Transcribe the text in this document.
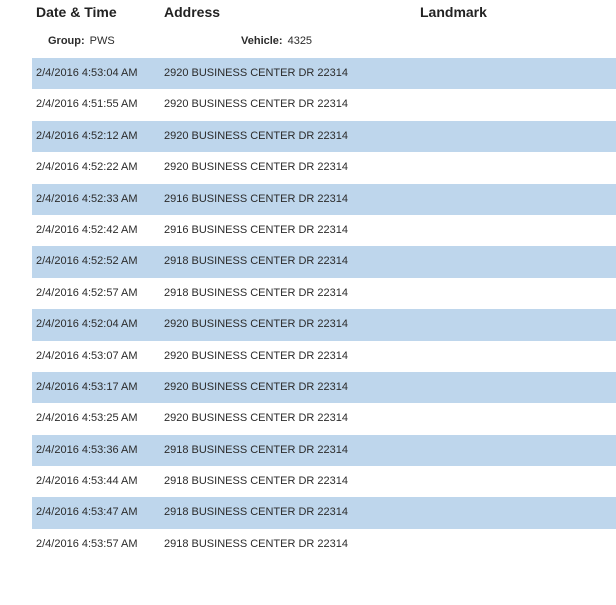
Date & Time	Address	Landmark
Group: PWS	Vehicle: 4325
2/4/2016 4:53:04 AM 2920 BUSINESS CENTER DR 22314
2/4/2016 4:51:55 AM 2920 BUSINESS CENTER DR 22314
2/4/2016 4:52:12 AM 2920 BUSINESS CENTER DR 22314
2/4/2016 4:52:22 AM 2920 BUSINESS CENTER DR 22314
2/4/2016 4:52:33 AM 2916 BUSINESS CENTER DR 22314
2/4/2016 4:52:42 AM 2916 BUSINESS CENTER DR 22314
2/4/2016 4:52:52 AM 2918 BUSINESS CENTER DR 22314
2/4/2016 4:52:57 AM 2918 BUSINESS CENTER DR 22314
2/4/2016 4:52:04 AM 2920 BUSINESS CENTER DR 22314
2/4/2016 4:53:07 AM 2920 BUSINESS CENTER DR 22314
2/4/2016 4:53:17 AM 2920 BUSINESS CENTER DR 22314
2/4/2016 4:53:25 AM 2920 BUSINESS CENTER DR 22314
2/4/2016 4:53:36 AM 2918 BUSINESS CENTER DR 22314
2/4/2016 4:53:44 AM 2918 BUSINESS CENTER DR 22314
2/4/2016 4:53:47 AM 2918 BUSINESS CENTER DR 22314
2/4/2016 4:53:57 AM 2918 BUSINESS CENTER DR 22314
